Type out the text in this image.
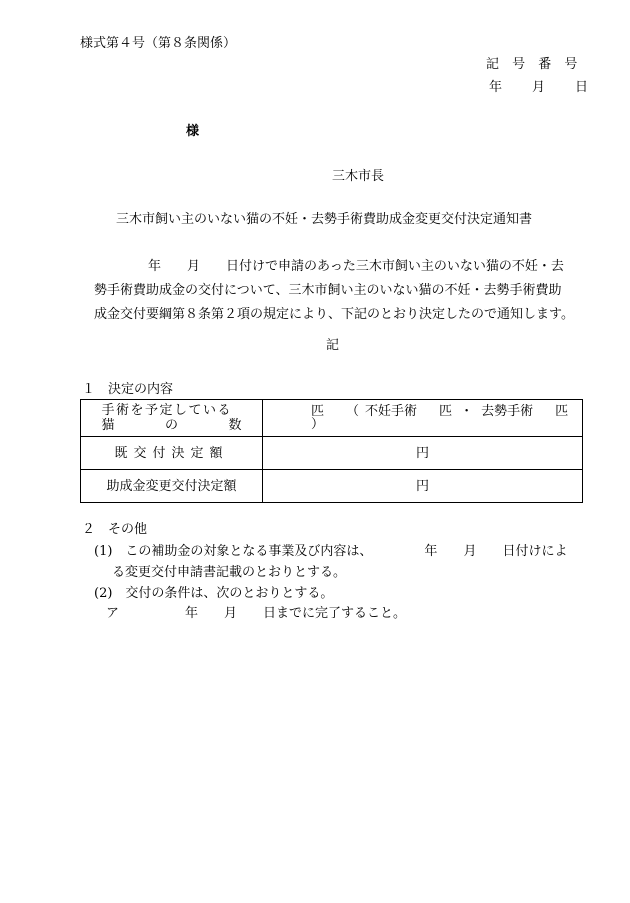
様式第４号（第８条関係）
記 号 番 号
年 月 日
様
三木市長
三木市飼い主のいない猫の不妊・去勢手術費助成金変更交付決定通知書
年 月 日付けで申請のあった三木市飼い主のいない猫の不妊・去
勢手術費助成金の交付について、三木市飼い主のいない猫の不妊・去勢手術費助
成金交付要綱第８条第２項の規定により、下記のとおり決定したので通知します。
記
１　決定の内容
手術を予定している
猫 の 数	匹 （ 不妊手術 匹 ・ 去勢手術 匹）
既交付決定額	円
助成金変更交付決定額	円
２　その他
(1)　この補助金の対象となる事業及び内容は、	年 月 日付けによ
る変更交付申請書記載のとおりとする。
(2)　交付の条件は、次のとおりとする。
ア	年 月 日までに完了すること。
